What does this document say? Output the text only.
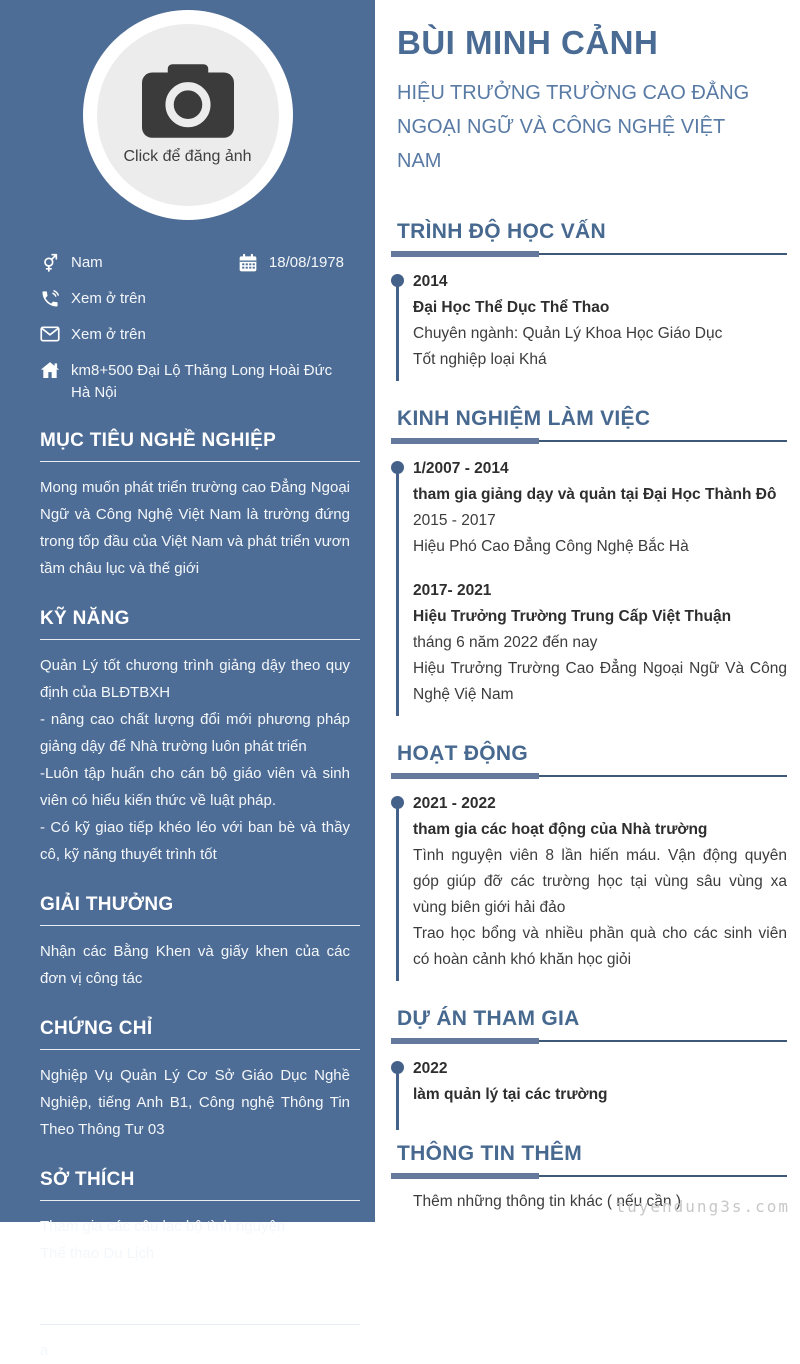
Click để đăng ảnh
Nam	18/08/1978
Xem ở trên
Xem ở trên
km8+500 Đại Lộ Thăng Long Hoài Đức Hà Nội
MỤC TIÊU NGHỀ NGHIỆP

Mong muốn phát triển trường cao Đẳng Ngoại Ngữ và Công Nghệ Việt Nam là trường đứng trong tốp đầu của Việt Nam và phát triển vươn tầm châu lục và thế giới

KỸ NĂNG

Quản Lý tốt chương trình giảng dậy theo quy định của BLĐTBXH

- nâng cao chất lượng đổi mới phương pháp giảng dậy để Nhà trường luôn phát triển

-Luôn tập huấn cho cán bộ giáo viên và sinh viên có hiểu kiến thức về luật pháp.

- Có kỹ giao tiếp khéo léo với ban bè và thầy cô, kỹ năng thuyết trình tốt

GIẢI THƯỞNG

Nhận các Bằng Khen và giấy khen của các đơn vị công tác

CHỨNG CHỈ

Nghiệp Vụ Quản Lý Cơ Sở Giáo Dục Nghề Nghiệp, tiếng Anh B1, Công nghệ Thông Tin Theo Thông Tư 03

SỞ THÍCH

Tham gia các câu lạc bộ tình nguyện

Thể thao Du Lịch

NGƯỜI THAM CHIẾU

a

BÙI MINH CẢNH
HIỆU TRƯỞNG TRƯỜNG CAO ĐẲNG NGOẠI NGỮ VÀ CÔNG NGHỆ VIỆT NAM
TRÌNH ĐỘ HỌC VẤN

2014

Đại Học Thể Dục Thể Thao

Chuyên ngành: Quản Lý Khoa Học Giáo Dục

Tốt nghiệp loại Khá

KINH NGHIỆM LÀM VIỆC

1/2007 - 2014

tham gia giảng dạy và quản tại Đại Học Thành Đô

2015 - 2017

Hiệu Phó Cao Đẳng Công Nghệ Bắc Hà

2017- 2021

Hiệu Trưởng Trường Trung Cấp Việt Thuận

tháng 6 năm 2022 đến nay

Hiệu Trưởng Trường Cao Đẳng Ngoại Ngữ Và Công Nghệ Việ Nam

HOẠT ĐỘNG

2021 - 2022

tham gia các hoạt động của Nhà trường

Tình nguyện viên 8 lần hiến máu. Vận động quyên góp giúp đỡ các trường học tại vùng sâu vùng xa vùng biên giới hải đảo

Trao học bổng và nhiều phần quà cho các sinh viên có hoàn cảnh khó khăn học giỏi

DỰ ÁN THAM GIA

2022

làm quản lý tại các trường

THÔNG TIN THÊM

Thêm những thông tin khác ( nếu cần )

tuyendung3s.com
